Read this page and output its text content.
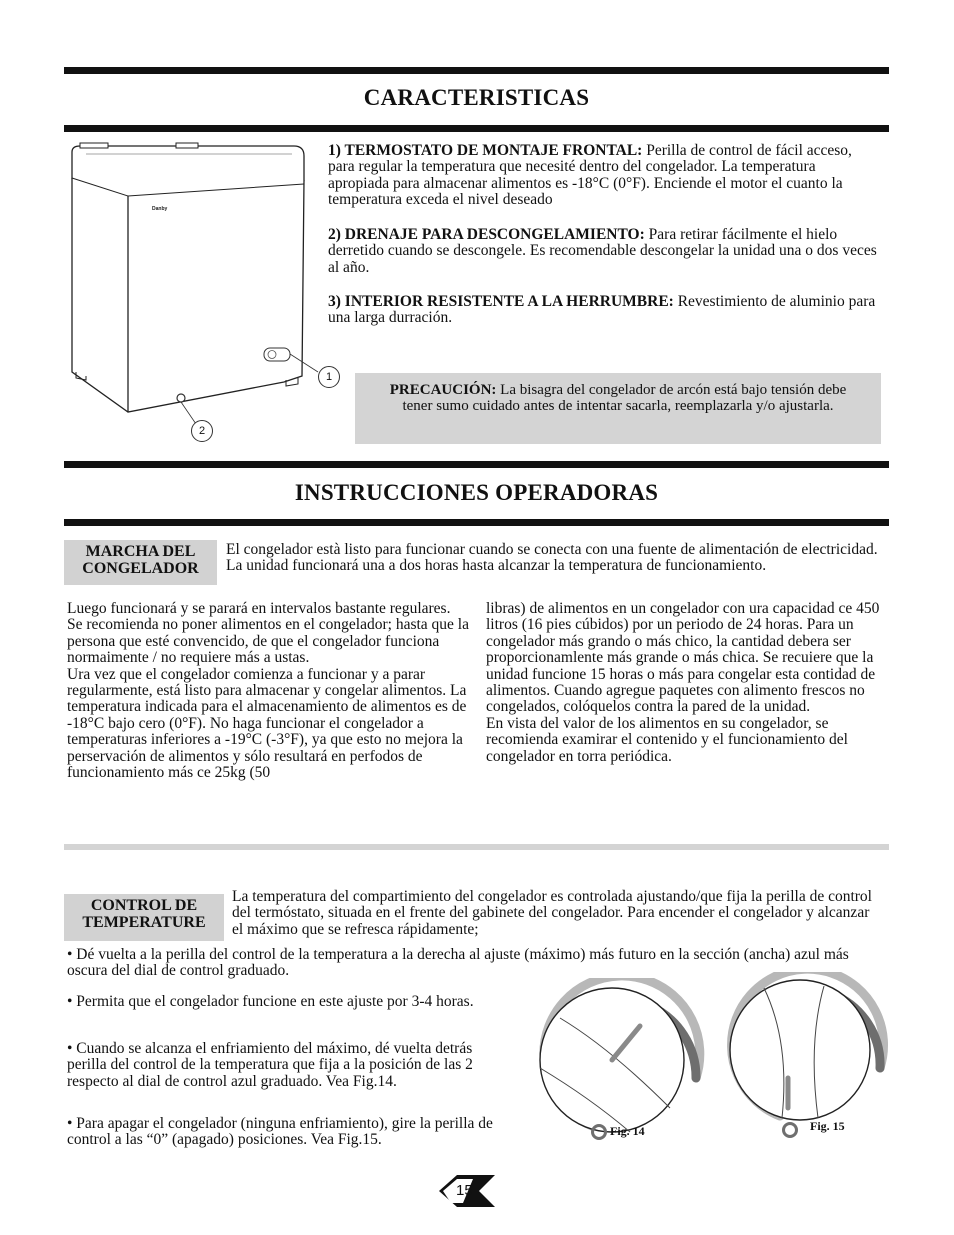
CARACTERISTICAS
Danby
1
2
1) TERMOSTATO DE MONTAJE FRONTAL: Perilla de control de fácil acceso, para regular la temperatura que necesité dentro del congelador. La temperatura apropiada para almacenar alimentos es -18°C (0°F). Enciende el motor el cuanto la temperatura exceda el nivel deseado
2) DRENAJE PARA DESCONGELAMIENTO: Para retirar fácilmente el hielo derretido cuando se descongele. Es recomendable descongelar la unidad una o dos veces al año.
3) INTERIOR RESISTENTE A LA HERRUMBRE: Revestimiento de aluminio para una larga durración.
PRECAUCIÓN: La bisagra del congelador de arcón está bajo tensión debe tener sumo cuidado antes de intentar sacarla, reemplazarla y/o ajustarla.
INSTRUCCIONES OPERADORAS
MARCHA DEL
CONGELADOR
El congelador està listo para funcionar cuando se conecta con una fuente de alimentación de electricidad. La unidad funcionará una a dos horas hasta alcanzar la temperatura de funcionamiento.
Luego funcionará y se parará en intervalos bastante regulares. Se recomienda no poner alimentos en el congelador; hasta que la persona que esté convencido, de que el congelador funciona normaimente / no requiere más a ustas.
Ura vez que el congelador comienza a funcionar y a parar regularmente, está listo para almacenar y congelar alimentos. La temperatura indicada para el almacenamiento de alimentos es de -18°C bajo cero (0°F). No haga funcionar el congelador a temperaturas inferiores a -19°C (-3°F), ya que esto no mejora la perservación de alimentos y sólo resultará en perfodos de funcionamiento más ce 25kg (50
libras) de alimentos en un congelador con ura capacidad ce 450 litros (16 pies cúbidos) por un periodo de 24 horas. Para un congelador más grando o más chico, la cantidad debera ser proporcionamlente más grande o más chica. Se recuiere que la unidad funcione 15 horas o más para congelar esta contidad de alimentos. Cuando agregue paquetes con alimento frescos no congelados, colóquelos contra la pared de la unidad.
En vista del valor de los alimentos en su congelador, se recomienda examirar el contenido y el funcionamiento del congelador en torra periódica.
CONTROL DE
TEMPERATURE
La temperatura del compartimiento del congelador es controlada ajustando/que fija la perilla de control del termóstato, situada en el frente del gabinete del congelador. Para encender el congelador y alcanzar el máximo que se refresca rápidamente;
• Dé vuelta a la perilla del control de la temperatura a la derecha al ajuste (máximo) más futuro en la sección (ancha) azul más oscura del dial de control graduado.
• Permita que el congelador funcione en este ajuste por 3-4 horas.
• Cuando se alcanza el enfriamiento del máximo, dé vuelta detrás perilla del control de la temperatura que fija a la posición de las 2 respecto al dial de control azul graduado. Vea Fig.14.
• Para apagar el congelador (ninguna enfriamiento), gire la perilla de control a las “0” (apagado) posiciones. Vea Fig.15.
Fig. 14	Fig. 15
15
